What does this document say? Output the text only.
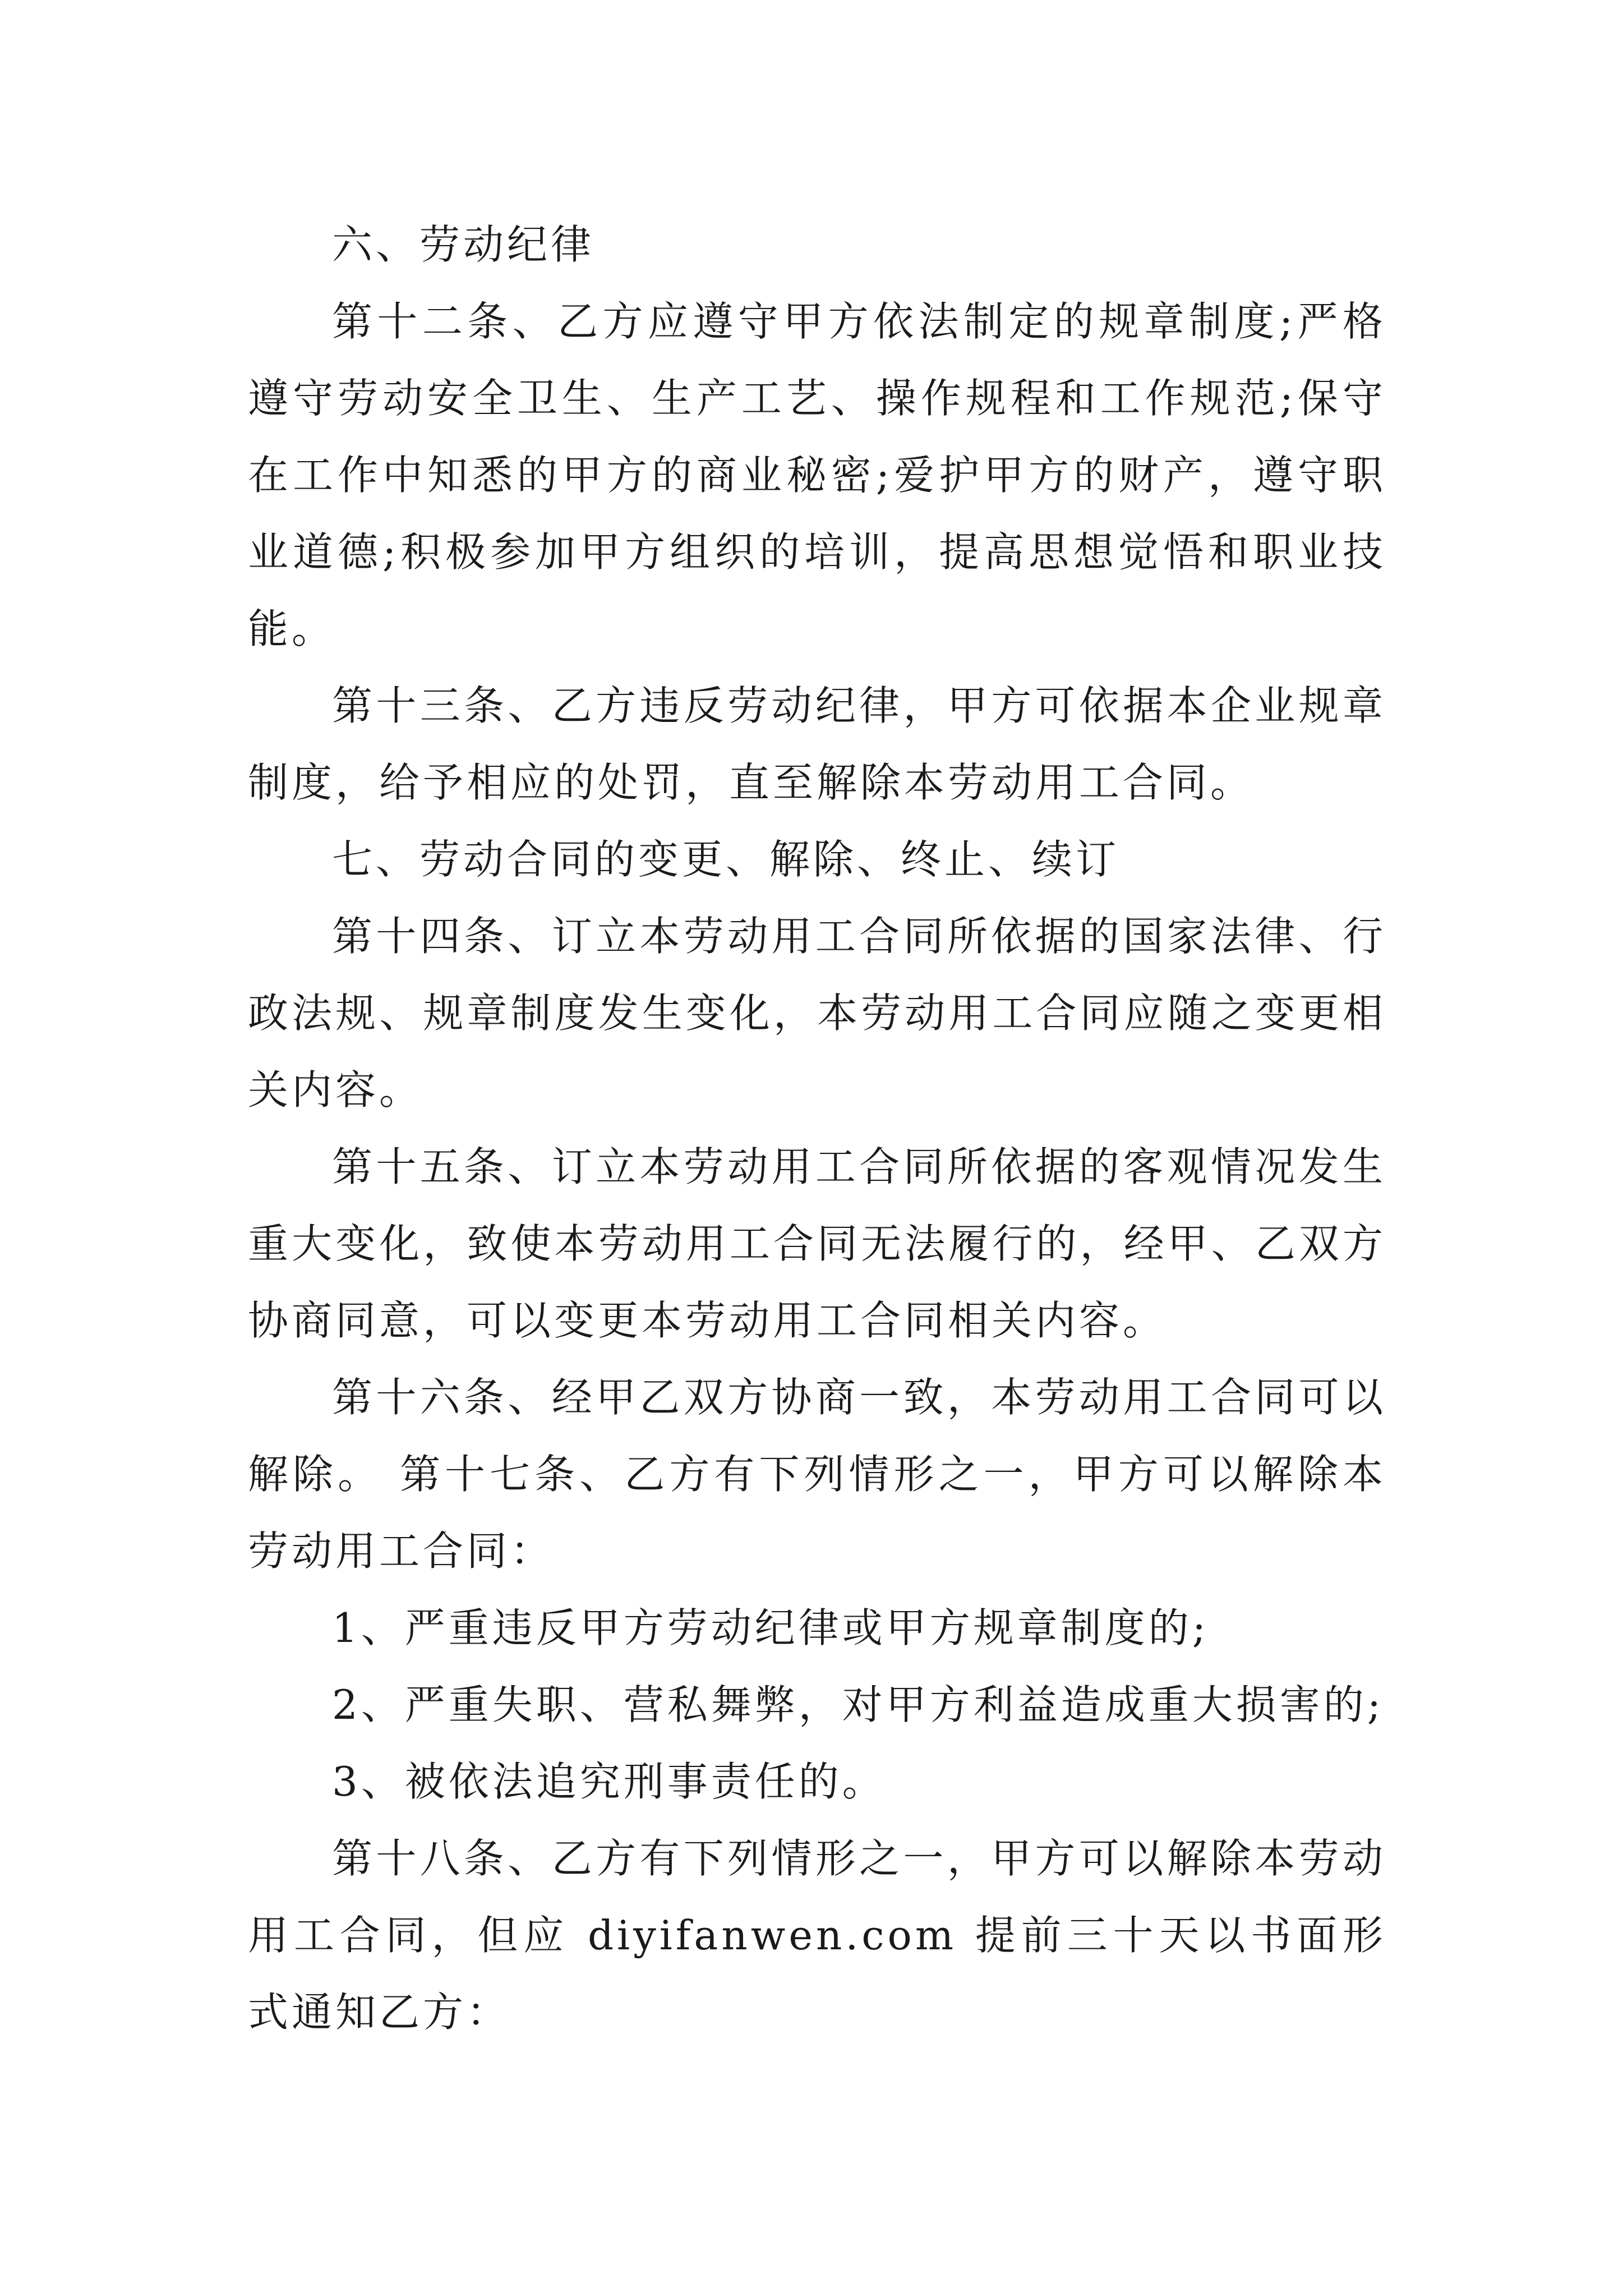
六、劳动纪律

第十二条、乙方应遵守甲方依法制定的规章制度;严格遵守劳动安全卫生、生产工艺、操作规程和工作规范;保守在工作中知悉的甲方的商业秘密;爱护甲方的财产，遵守职业道德;积极参加甲方组织的培训，提高思想觉悟和职业技能。

第十三条、乙方违反劳动纪律，甲方可依据本企业规章制度，给予相应的处罚，直至解除本劳动用工合同。

七、劳动合同的变更、解除、终止、续订

第十四条、订立本劳动用工合同所依据的国家法律、行政法规、规章制度发生变化，本劳动用工合同应随之变更相关内容。

第十五条、订立本劳动用工合同所依据的客观情况发生重大变化，致使本劳动用工合同无法履行的，经甲、乙双方协商同意，可以变更本劳动用工合同相关内容。

第十六条、经甲乙双方协商一致，本劳动用工合同可以解除。 第十七条、乙方有下列情形之一，甲方可以解除本劳动用工合同：

1、严重违反甲方劳动纪律或甲方规章制度的;

2、严重失职、营私舞弊，对甲方利益造成重大损害的;

3、被依法追究刑事责任的。

第十八条、乙方有下列情形之一，甲方可以解除本劳动用工合同，但应 diyifanwen.com 提前三十天以书面形式通知乙方：
